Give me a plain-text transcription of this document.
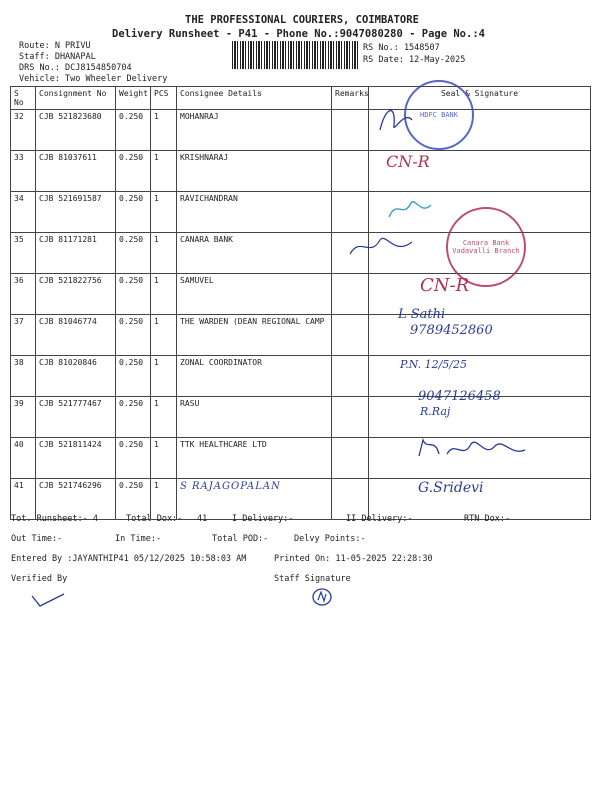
THE PROFESSIONAL COURIERS, COIMBATORE
Delivery Runsheet - P41 - Phone No.:9047080280 - Page No.:4
Route: N PRIVU
Staff: DHANAPAL
DRS No.: DCJ8154850704
Vehicle: Two Wheeler Delivery
RS No.: 1548507
RS Date: 12-May-2025
S No	Consignment No	Weight	PCS	Consignee Details	Remarks	Seal & Signature
32	CJB 521823680	0.250	1	MOHANRAJ		
33	CJB 81037611	0.250	1	KRISHNARAJ		
34	CJB 521691587	0.250	1	RAVICHANDRAN		
35	CJB 81171281	0.250	1	CANARA BANK		
36	CJB 521822756	0.250	1	SAMUVEL		
37	CJB 81046774	0.250	1	THE WARDEN (DEAN REGIONAL CAMP		
38	CJB 81020846	0.250	1	ZONAL COORDINATOR		
39	CJB 521777467	0.250	1	RASU		
40	CJB 521811424	0.250	1	TTK HEALTHCARE LTD		
41	CJB 521746296	0.250	1	S RAJAGOPALAN		
HDFC BANK
CN-R
Canara Bank
Vadavalli Branch
CN-R
L Sathi
9789452860
P.N. 12/5/25
9047126458
R.Raj
G.Sridevi
Tot. Runsheet:- 4	Total Dox:- 41	I Delivery:-	II Delivery:-	RTN Dox:-
Out Time:-	In Time:-	Total POD:-	Delvy Points:-
Entered By :JAYANTHIP41 05/12/2025 10:58:03 AM	Printed On: 11-05-2025 22:28:30
Verified By	Staff Signature
